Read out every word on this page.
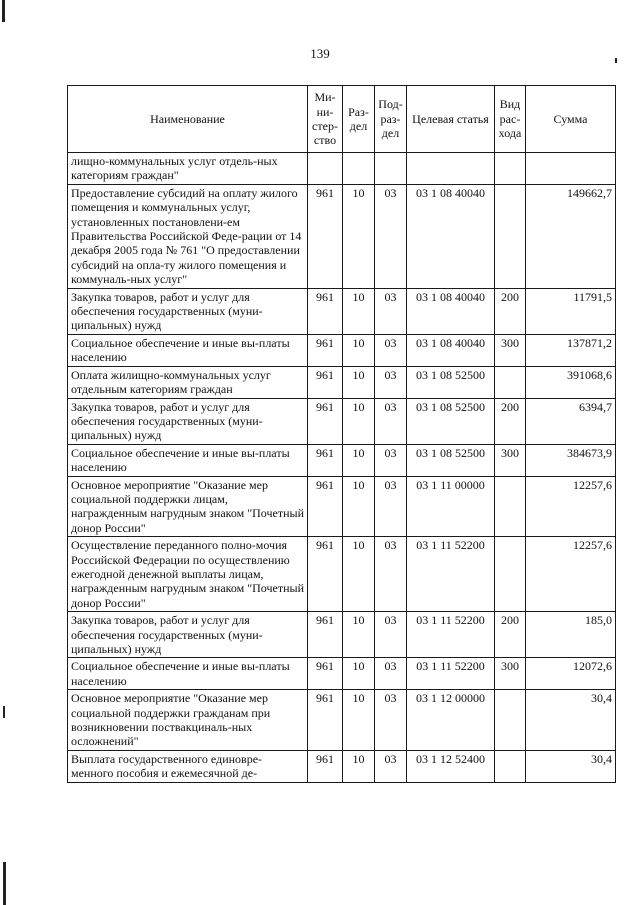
139
Наименование	Ми-ни-стер-ство	Раз-дел	Под-раз-дел	Целевая статья	Вид рас-хода	Сумма
лищно-коммунальных услуг отдель-ных категориям граждан"						
Предоставление субсидий на оплату жилого помещения и коммунальных услуг, установленных постановлени-ем Правительства Российской Феде-рации от 14 декабря 2005 года № 761 "О предоставлении субсидий на опла-ту жилого помещения и коммуналь-ных услуг"	961	10	03	03 1 08 40040		149662,7
Закупка товаров, работ и услуг для обеспечения государственных (муни-ципальных) нужд	961	10	03	03 1 08 40040	200	11791,5
Социальное обеспечение и иные вы-платы населению	961	10	03	03 1 08 40040	300	137871,2
Оплата жилищно-коммунальных услуг отдельным категориям граждан	961	10	03	03 1 08 52500		391068,6
Закупка товаров, работ и услуг для обеспечения государственных (муни-ципальных) нужд	961	10	03	03 1 08 52500	200	6394,7
Социальное обеспечение и иные вы-платы населению	961	10	03	03 1 08 52500	300	384673,9
Основное мероприятие "Оказание мер социальной поддержки лицам, награжденным нагрудным знаком "Почетный донор России"	961	10	03	03 1 11 00000		12257,6
Осуществление переданного полно-мочия Российской Федерации по осуществлению ежегодной денежной выплаты лицам, награжденным нагрудным знаком "Почетный донор России"	961	10	03	03 1 11 52200		12257,6
Закупка товаров, работ и услуг для обеспечения государственных (муни-ципальных) нужд	961	10	03	03 1 11 52200	200	185,0
Социальное обеспечение и иные вы-платы населению	961	10	03	03 1 11 52200	300	12072,6
Основное мероприятие "Оказание мер социальной поддержки гражданам при возникновении поствакциналь-ных осложнений"	961	10	03	03 1 12 00000		30,4
Выплата государственного единовре-менного пособия и ежемесячной де-	961	10	03	03 1 12 52400		30,4
